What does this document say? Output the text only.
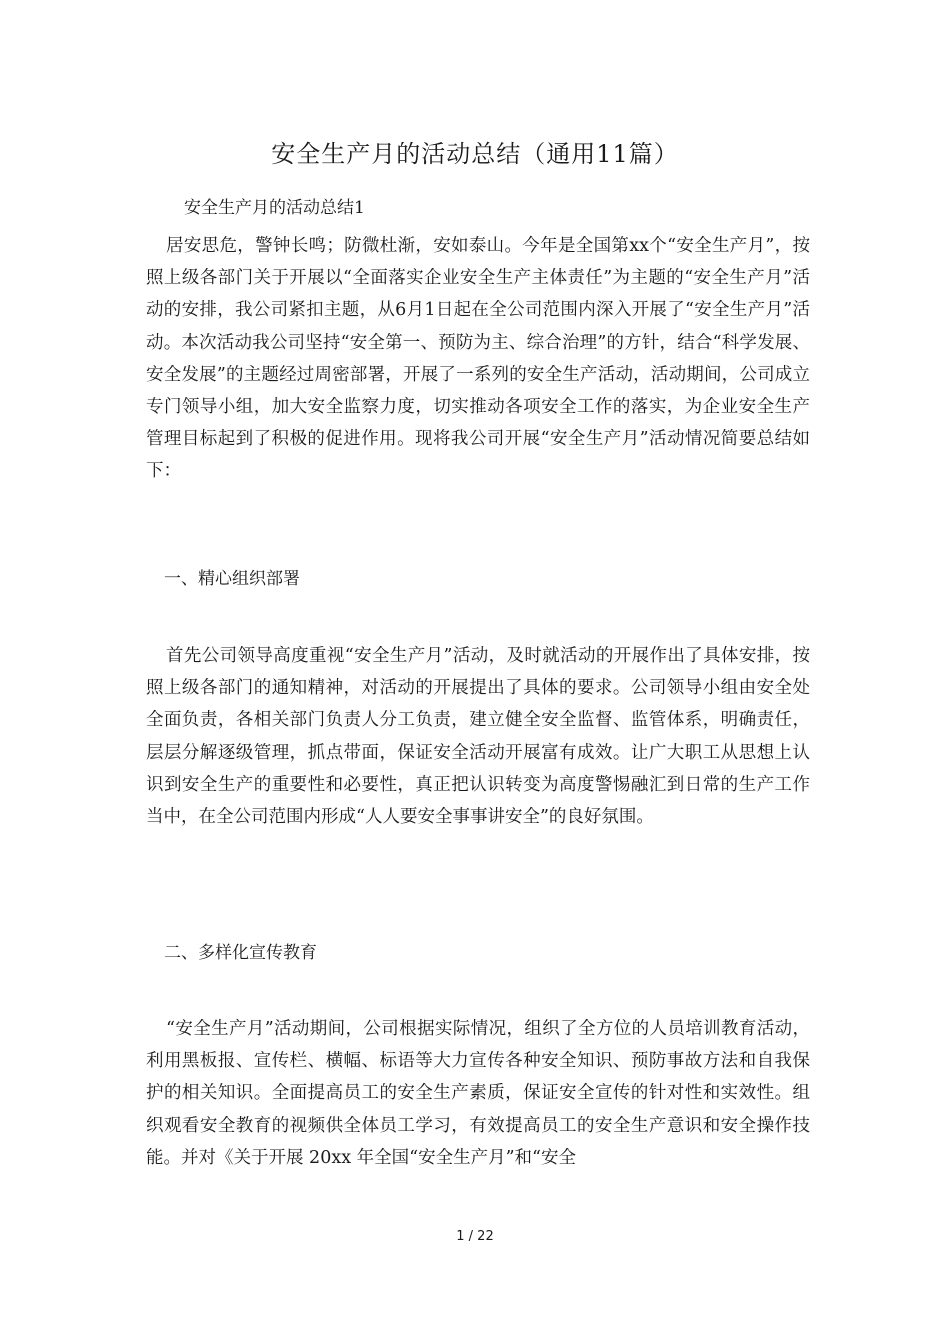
安全生产月的活动总结（通用11篇）

安全生产月的活动总结1

居安思危，警钟长鸣；防微杜渐，安如泰山。今年是全国第xx个“安全生产月”，按照上级各部门关于开展以“全面落实企业安全生产主体责任”为主题的“安全生产月”活动的安排，我公司紧扣主题，从6月1日起在全公司范围内深入开展了“安全生产月”活动。本次活动我公司坚持“安全第一、预防为主、综合治理”的方针，结合“科学发展、安全发展”的主题经过周密部署，开展了一系列的安全生产活动，活动期间，公司成立专门领导小组，加大安全监察力度，切实推动各项安全工作的落实，为企业安全生产管理目标起到了积极的促进作用。现将我公司开展“安全生产月”活动情况简要总结如下：

一、精心组织部署

首先公司领导高度重视“安全生产月”活动，及时就活动的开展作出了具体安排，按照上级各部门的通知精神，对活动的开展提出了具体的要求。公司领导小组由安全处全面负责，各相关部门负责人分工负责，建立健全安全监督、监管体系，明确责任，层层分解逐级管理，抓点带面，保证安全活动开展富有成效。让广大职工从思想上认识到安全生产的重要性和必要性，真正把认识转变为高度警惕融汇到日常的生产工作当中，在全公司范围内形成“人人要安全事事讲安全”的良好氛围。

二、多样化宣传教育

“安全生产月”活动期间，公司根据实际情况，组织了全方位的人员培训教育活动，利用黑板报、宣传栏、横幅、标语等大力宣传各种安全知识、预防事故方法和自我保护的相关知识。全面提高员工的安全生产素质，保证安全宣传的针对性和实效性。组织观看安全教育的视频供全体员工学习，有效提高员工的安全生产意识和安全操作技能。并对《关于开展 20xx 年全国“安全生产月”和“安全

1 / 22
